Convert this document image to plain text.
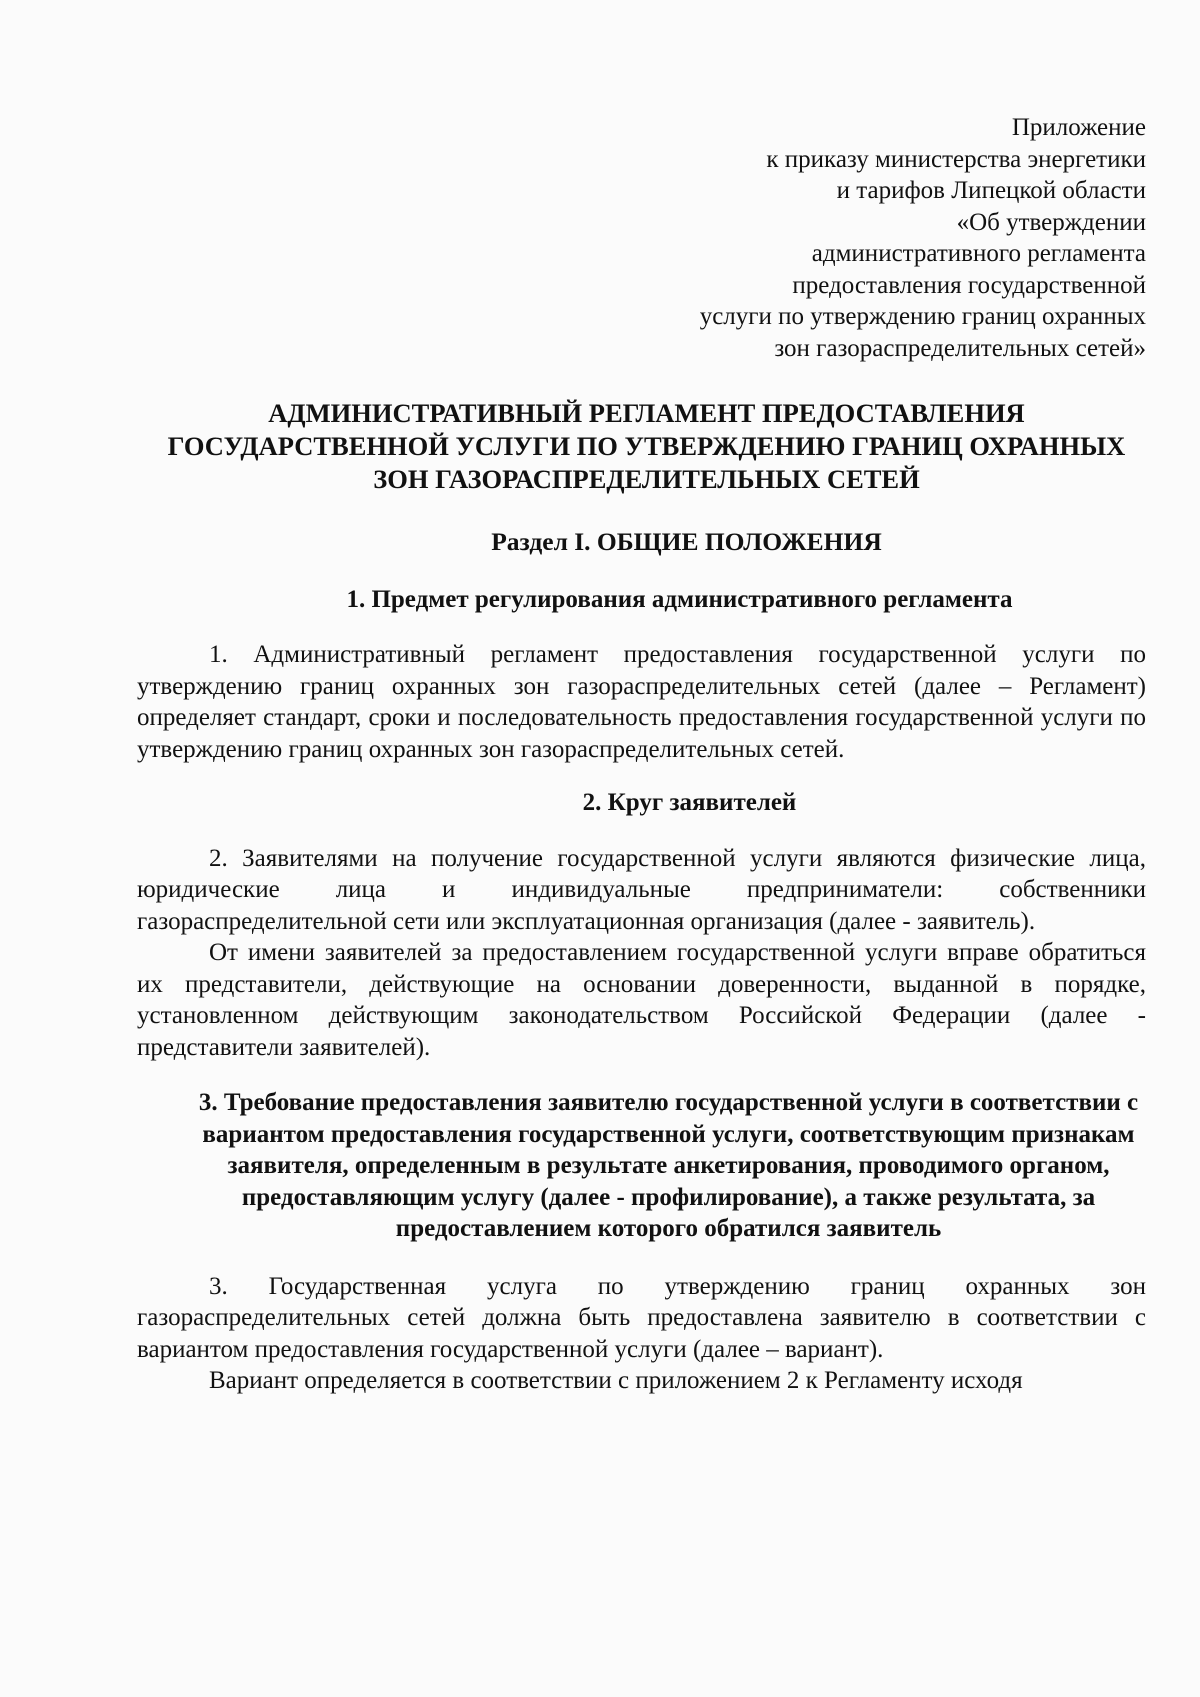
Приложение
к приказу министерства энергетики
и тарифов Липецкой области
«Об утверждении
административного регламента
предоставления государственной
услуги по утверждению границ охранных
зон газораспределительных сетей»
АДМИНИСТРАТИВНЫЙ РЕГЛАМЕНТ ПРЕДОСТАВЛЕНИЯ ГОСУДАРСТВЕННОЙ УСЛУГИ ПО УТВЕРЖДЕНИЮ ГРАНИЦ ОХРАННЫХ ЗОН ГАЗОРАСПРЕДЕЛИТЕЛЬНЫХ СЕТЕЙ
Раздел I. ОБЩИЕ ПОЛОЖЕНИЯ
1. Предмет регулирования административного регламента

1. Административный регламент предоставления государственной услуги по утверждению границ охранных зон газораспределительных сетей (далее – Регламент) определяет стандарт, сроки и последовательность предоставления государственной услуги по утверждению границ охранных зон газораспределительных сетей.

2. Круг заявителей

2. Заявителями на получение государственной услуги являются физические лица, юридические лица и индивидуальные предприниматели: собственники газораспределительной сети или эксплуатационная организация (далее - заявитель).

От имени заявителей за предоставлением государственной услуги вправе обратиться их представители, действующие на основании доверенности, выданной в порядке, установленном действующим законодательством Российской Федерации (далее - представители заявителей).

3. Требование предоставления заявителю государственной услуги в соответствии с вариантом предоставления государственной услуги, соответствующим признакам заявителя, определенным в результате анкетирования, проводимого органом, предоставляющим услугу (далее - профилирование), а также результата, за предоставлением которого обратился заявитель

3. Государственная услуга по утверждению границ охранных зон газораспределительных сетей должна быть предоставлена заявителю в соответствии с вариантом предоставления государственной услуги (далее – вариант).

Вариант определяется в соответствии с приложением 2 к Регламенту исходя
